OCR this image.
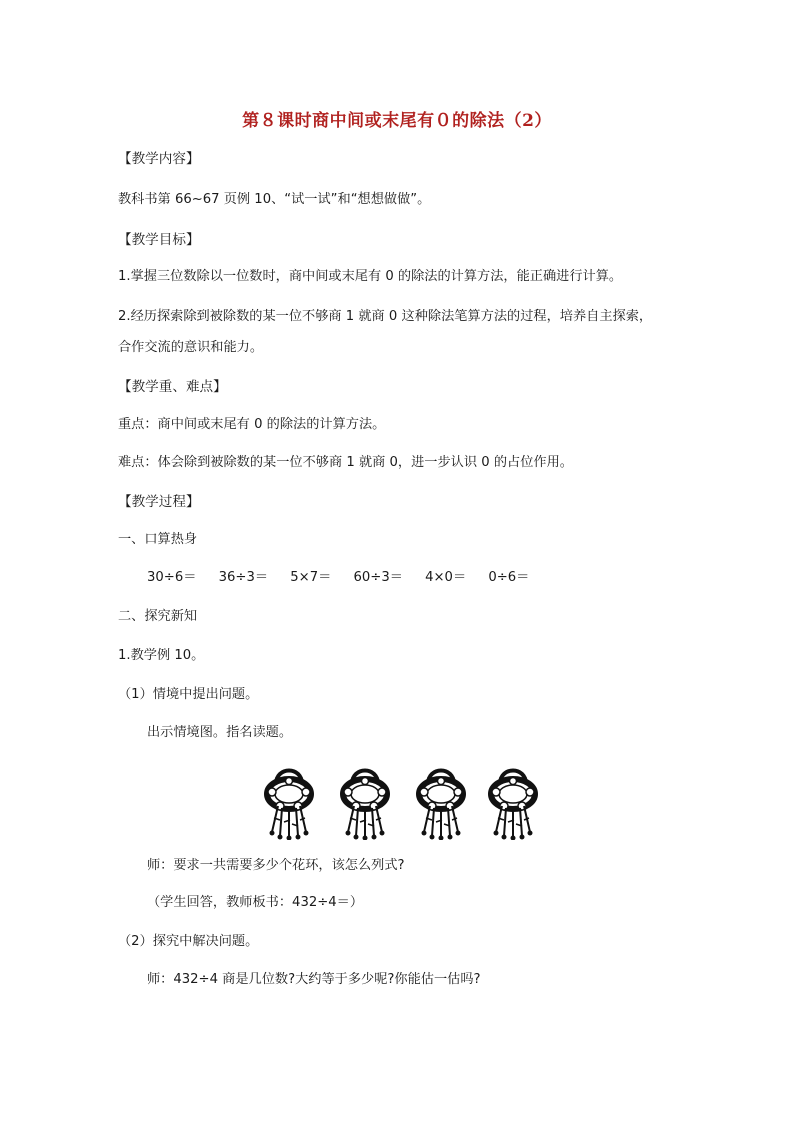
第８课时商中间或末尾有０的除法（2）
【教学内容】
教科书第 66~67 页例 10、“试一试”和“想想做做”。
【教学目标】
1.掌握三位数除以一位数时，商中间或末尾有 0 的除法的计算方法，能正确进行计算。
2.经历探索除到被除数的某一位不够商 1 就商 0 这种除法笔算方法的过程，培养自主探索，
合作交流的意识和能力。
【教学重、难点】
重点：商中间或末尾有 0 的除法的计算方法。
难点：体会除到被除数的某一位不够商 1 就商 0，进一步认识 0 的占位作用。
【教学过程】
一、口算热身
30÷6＝ 36÷3＝ 5×7＝ 60÷3＝ 4×0＝ 0÷6＝
二、探究新知
1.教学例 10。
（1）情境中提出问题。
出示情境图。指名读题。
师：要求一共需要多少个花环，该怎么列式?
（学生回答，教师板书：432÷4＝）
（2）探究中解决问题。
师：432÷4 商是几位数?大约等于多少呢?你能估一估吗?
